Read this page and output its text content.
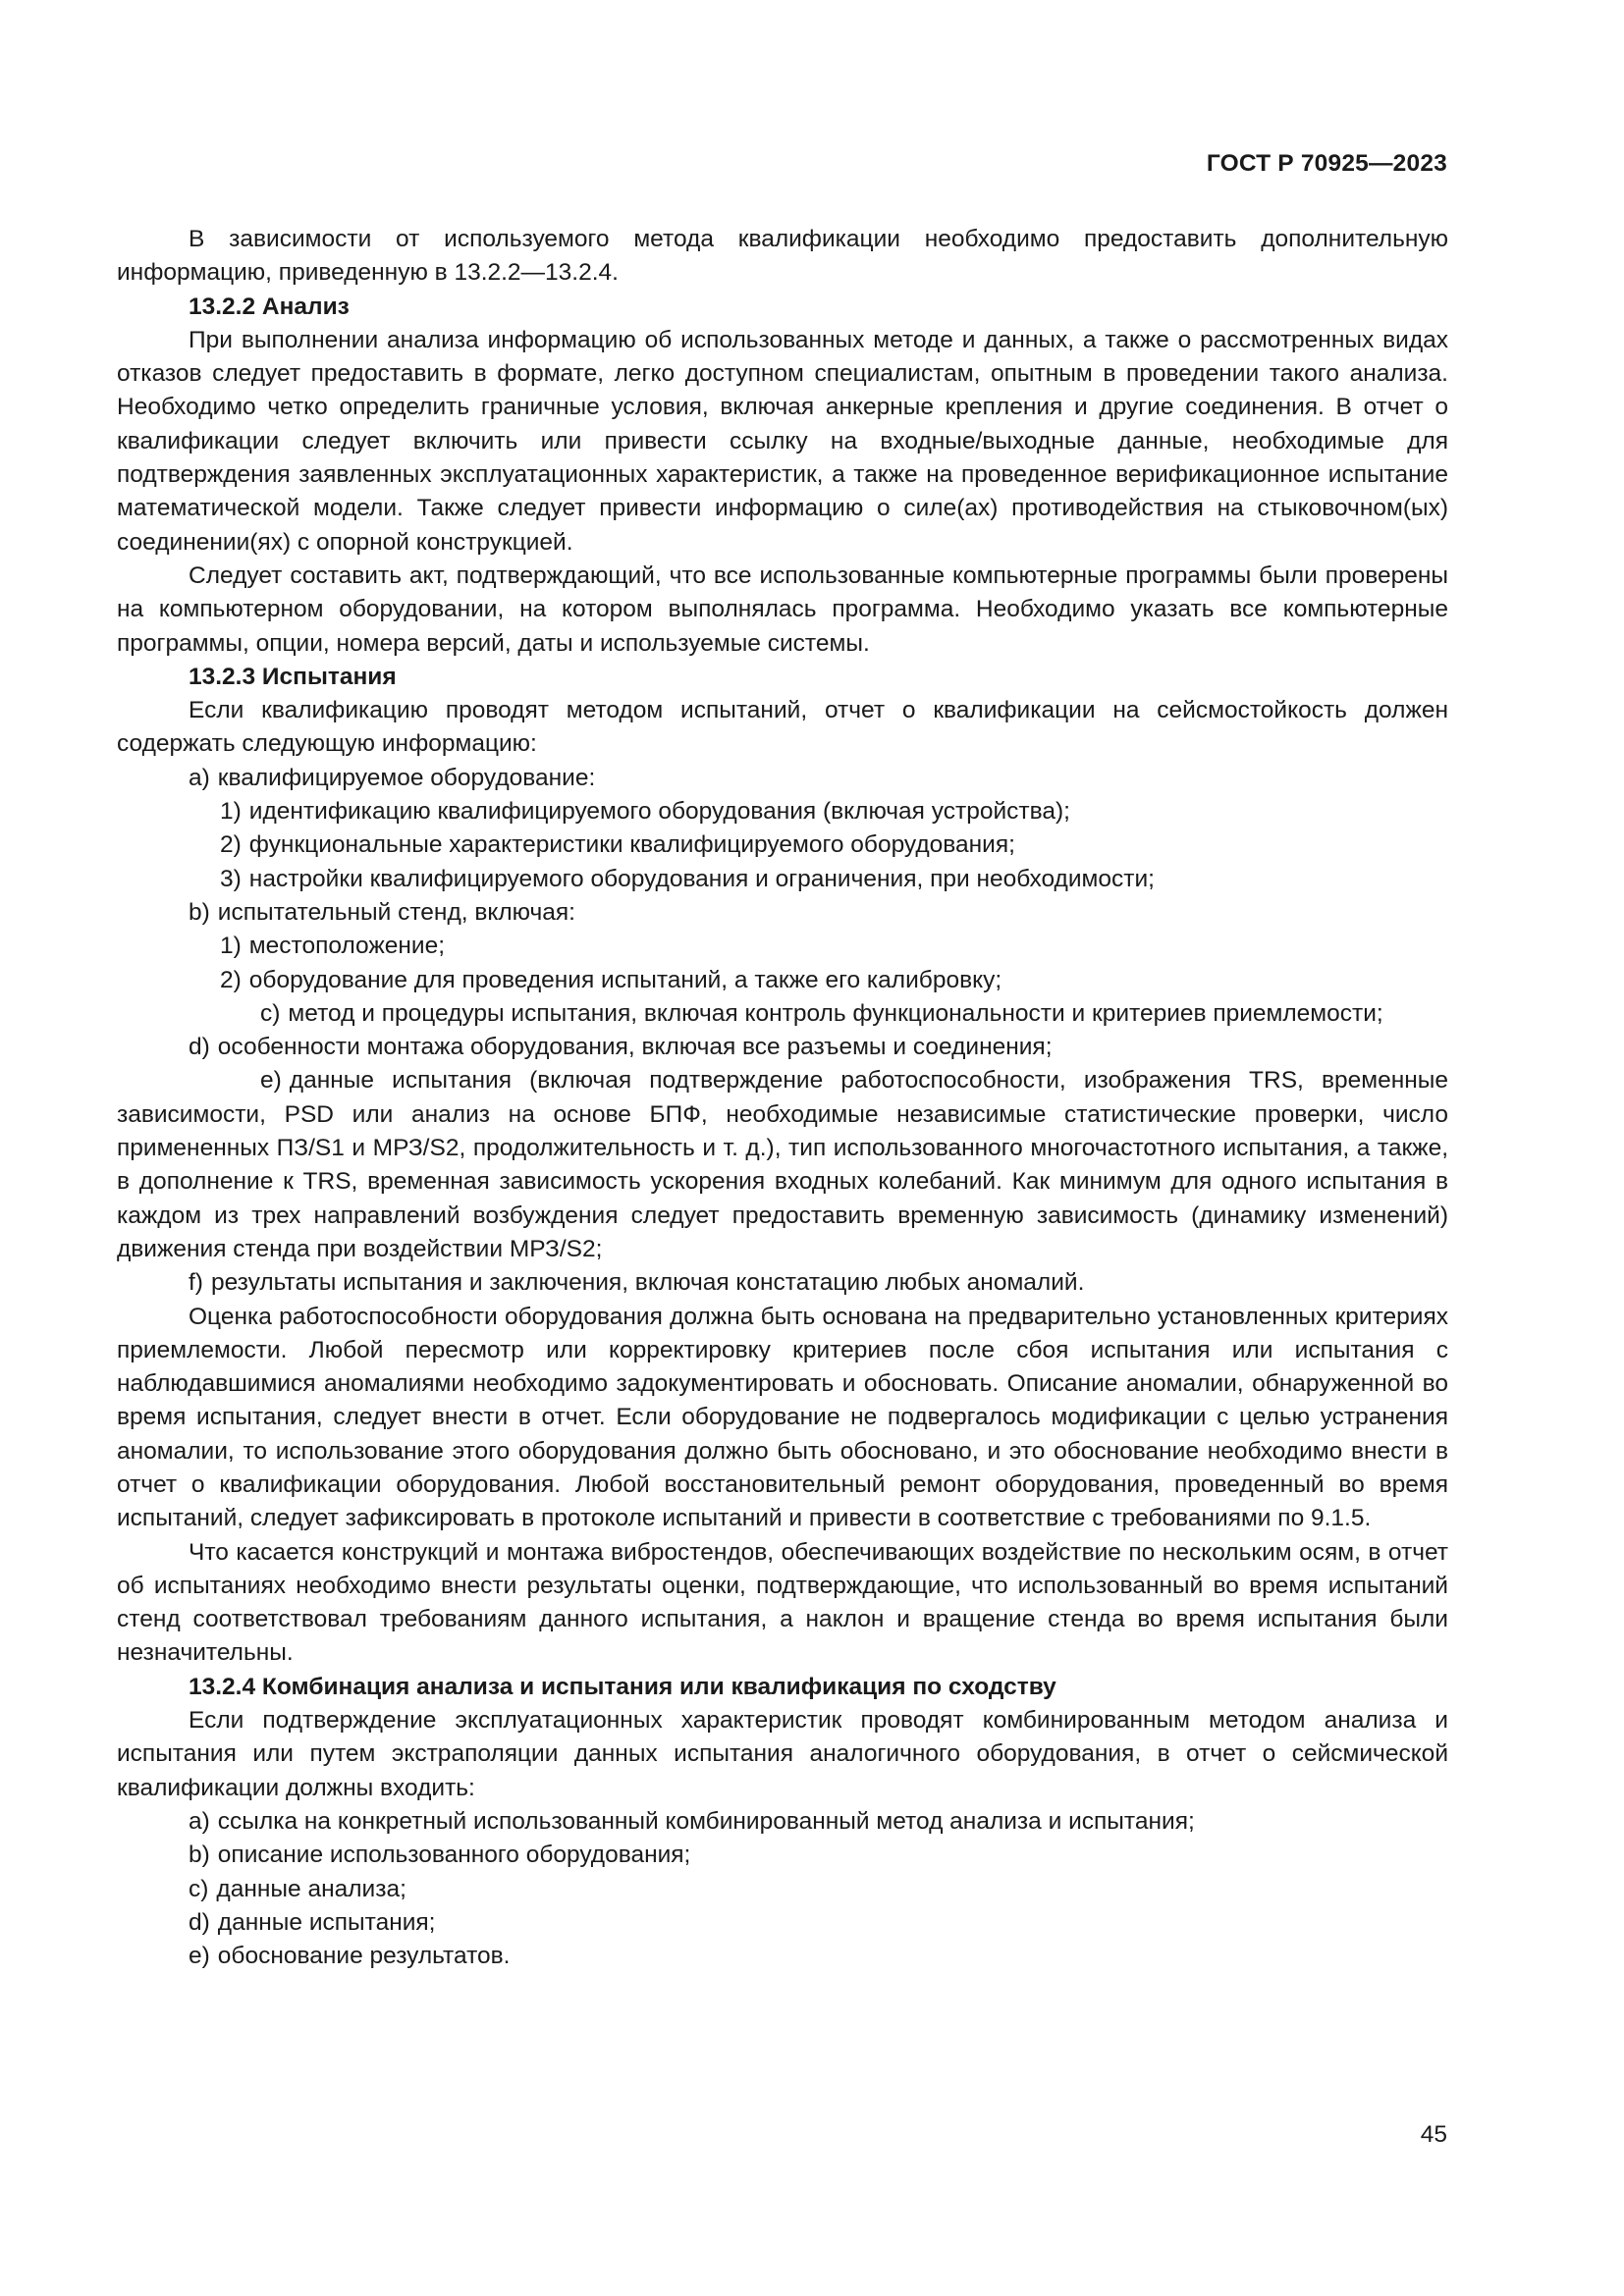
ГОСТ Р 70925—2023

В зависимости от используемого метода квалификации необходимо предоставить дополнительную информацию, приведенную в 13.2.2—13.2.4.

13.2.2 Анализ

При выполнении анализа информацию об использованных методе и данных, а также о рассмотренных видах отказов следует предоставить в формате, легко доступном специалистам, опытным в проведении такого анализа. Необходимо четко определить граничные условия, включая анкерные крепления и другие соединения. В отчет о квалификации следует включить или привести ссылку на входные/выходные данные, необходимые для подтверждения заявленных эксплуатационных характеристик, а также на проведенное верификационное испытание математической модели. Также следует привести информацию о силе(ах) противодействия на стыковочном(ых) соединении(ях) с опорной конструкцией.

Следует составить акт, подтверждающий, что все использованные компьютерные программы были проверены на компьютерном оборудовании, на котором выполнялась программа. Необходимо указать все компьютерные программы, опции, номера версий, даты и используемые системы.

13.2.3 Испытания

Если квалификацию проводят методом испытаний, отчет о квалификации на сейсмостойкость должен содержать следующую информацию:

а) квалифицируемое оборудование:
1) идентификацию квалифицируемого оборудования (включая устройства);
2) функциональные характеристики квалифицируемого оборудования;
3) настройки квалифицируемого оборудования и ограничения, при необходимости;
b) испытательный стенд, включая:
1) местоположение;
2) оборудование для проведения испытаний, а также его калибровку;
c) метод и процедуры испытания, включая контроль функциональности и критериев приемлемости;
d) особенности монтажа оборудования, включая все разъемы и соединения;
e) данные испытания (включая подтверждение работоспособности, изображения TRS, временные зависимости, PSD или анализ на основе БПФ, необходимые независимые статистические проверки, число примененных ПЗ/S1 и МРЗ/S2, продолжительность и т. д.), тип использованного многочастотного испытания, а также, в дополнение к TRS, временная зависимость ускорения входных колебаний. Как минимум для одного испытания в каждом из трех направлений возбуждения следует предоставить временную зависимость (динамику изменений) движения стенда при воздействии МРЗ/S2;
f) результаты испытания и заключения, включая констатацию любых аномалий.

Оценка работоспособности оборудования должна быть основана на предварительно установленных критериях приемлемости. Любой пересмотр или корректировку критериев после сбоя испытания или испытания с наблюдавшимися аномалиями необходимо задокументировать и обосновать. Описание аномалии, обнаруженной во время испытания, следует внести в отчет. Если оборудование не подвергалось модификации с целью устранения аномалии, то использование этого оборудования должно быть обосновано, и это обоснование необходимо внести в отчет о квалификации оборудования. Любой восстановительный ремонт оборудования, проведенный во время испытаний, следует зафиксировать в протоколе испытаний и привести в соответствие с требованиями по 9.1.5.

Что касается конструкций и монтажа вибростендов, обеспечивающих воздействие по нескольким осям, в отчет об испытаниях необходимо внести результаты оценки, подтверждающие, что использованный во время испытаний стенд соответствовал требованиям данного испытания, а наклон и вращение стенда во время испытания были незначительны.

13.2.4 Комбинация анализа и испытания или квалификация по сходству

Если подтверждение эксплуатационных характеристик проводят комбинированным методом анализа и испытания или путем экстраполяции данных испытания аналогичного оборудования, в отчет о сейсмической квалификации должны входить:

а) ссылка на конкретный использованный комбинированный метод анализа и испытания;
b) описание использованного оборудования;
c) данные анализа;
d) данные испытания;
e) обоснование результатов.
45
